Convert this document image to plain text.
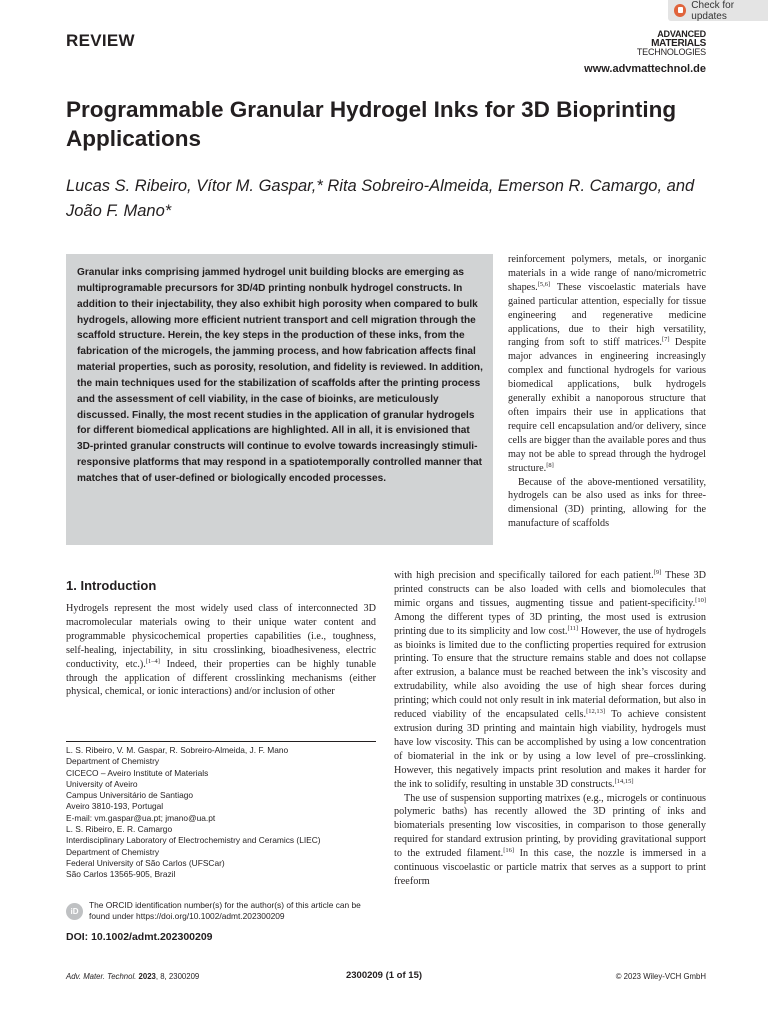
Check for updates
REVIEW	ADVANCED
MATERIALS
TECHNOLOGIES
www.advmattechnol.de
Programmable Granular Hydrogel Inks for 3D Bioprinting Applications
Lucas S. Ribeiro, Vítor M. Gaspar,* Rita Sobreiro-Almeida, Emerson R. Camargo, and João F. Mano*
Granular inks comprising jammed hydrogel unit building blocks are emerging as multiprogramable precursors for 3D/4D printing nonbulk hydrogel constructs. In addition to their injectability, they also exhibit high porosity when compared to bulk hydrogels, allowing more efficient nutrient transport and cell migration through the scaffold structure. Herein, the key steps in the production of these inks, from the fabrication of the microgels, the jamming process, and how fabrication affects final material properties, such as porosity, resolution, and fidelity is reviewed. In addition, the main techniques used for the stabilization of scaffolds after the printing process and the assessment of cell viability, in the case of bioinks, are meticulously discussed. Finally, the most recent studies in the application of granular hydrogels for different biomedical applications are highlighted. All in all, it is envisioned that 3D-printed granular constructs will continue to evolve towards increasingly stimuli-responsive platforms that may respond in a spatiotemporally controlled manner that matches that of user-defined or biologically encoded processes.

reinforcement polymers, metals, or inorganic materials in a wide range of nano/micrometric shapes.[5,6] These viscoelastic materials have gained particular attention, especially for tissue engineering and regenerative medicine applications, due to their high versatility, ranging from soft to stiff matrices.[7] Despite major advances in engineering increasingly complex and functional hydrogels for various biomedical applications, bulk hydrogels generally exhibit a nanoporous structure that often impairs their use in applications that require cell encapsulation and/or delivery, since cells are bigger than the available pores and thus may not be able to spread through the hydrogel structure.[8]

Because of the above-mentioned versatility, hydrogels can be also used as inks for three-dimensional (3D) printing, allowing for the manufacture of scaffolds

with high precision and specifically tailored for each patient.[9] These 3D printed constructs can be also loaded with cells and biomolecules that mimic organs and tissues, augmenting tissue and patient-specificity.[10] Among the different types of 3D printing, the most used is extrusion printing due to its simplicity and low cost.[11] However, the use of hydrogels as bioinks is limited due to the conflicting properties required for extrusion printing. To ensure that the structure remains stable and does not collapse after extrusion, a balance must be reached between the ink’s viscosity and extrudability, while also avoiding the use of high shear forces during printing; which could not only result in ink material deformation, but also in reduced viability of the encapsulated cells.[12,13] To achieve consistent extrusion during 3D printing and maintain high viability, hydrogels must have low viscosity. This can be accomplished by using a low concentration of biomaterial in the ink or by using a low level of pre–crosslinking. However, this negatively impacts print resolution and makes it harder for the ink to solidify, resulting in unstable 3D constructs.[14,15]

The use of suspension supporting matrixes (e.g., microgels or continuous polymeric baths) has recently allowed the 3D printing of inks and biomaterials presenting low viscosities, in comparison to those generally required for standard extrusion printing, by providing gravitational support to the extruded filament.[16] In this case, the nozzle is immersed in a continuous viscoelastic or particle matrix that serves as a support to print freeform

1. Introduction

Hydrogels represent the most widely used class of interconnected 3D macromolecular materials owing to their unique water content and programmable physicochemical properties capabilities (i.e., toughness, self-healing, injectability, in situ crosslinking, bioadhesiveness, electric conductivity, etc.).[1–4] Indeed, their properties can be highly tunable through the application of different crosslinking mechanisms (either physical, chemical, or ionic interactions) and/or inclusion of other

L. S. Ribeiro, V. M. Gaspar, R. Sobreiro-Almeida, J. F. Mano
Department of Chemistry
CICECO – Aveiro Institute of Materials
University of Aveiro
Campus Universitário de Santiago
Aveiro 3810-193, Portugal
E-mail: vm.gaspar@ua.pt; jmano@ua.pt
L. S. Ribeiro, E. R. Camargo
Interdisciplinary Laboratory of Electrochemistry and Ceramics (LIEC)
Department of Chemistry
Federal University of São Carlos (UFSCar)
São Carlos 13565-905, Brazil
iD
The ORCID identification number(s) for the author(s) of this article can be found under https://doi.org/10.1002/admt.202300209
DOI: 10.1002/admt.202300209
Adv. Mater. Technol. 2023, 8, 2300209	2300209 (1 of 15)	© 2023 Wiley-VCH GmbH
